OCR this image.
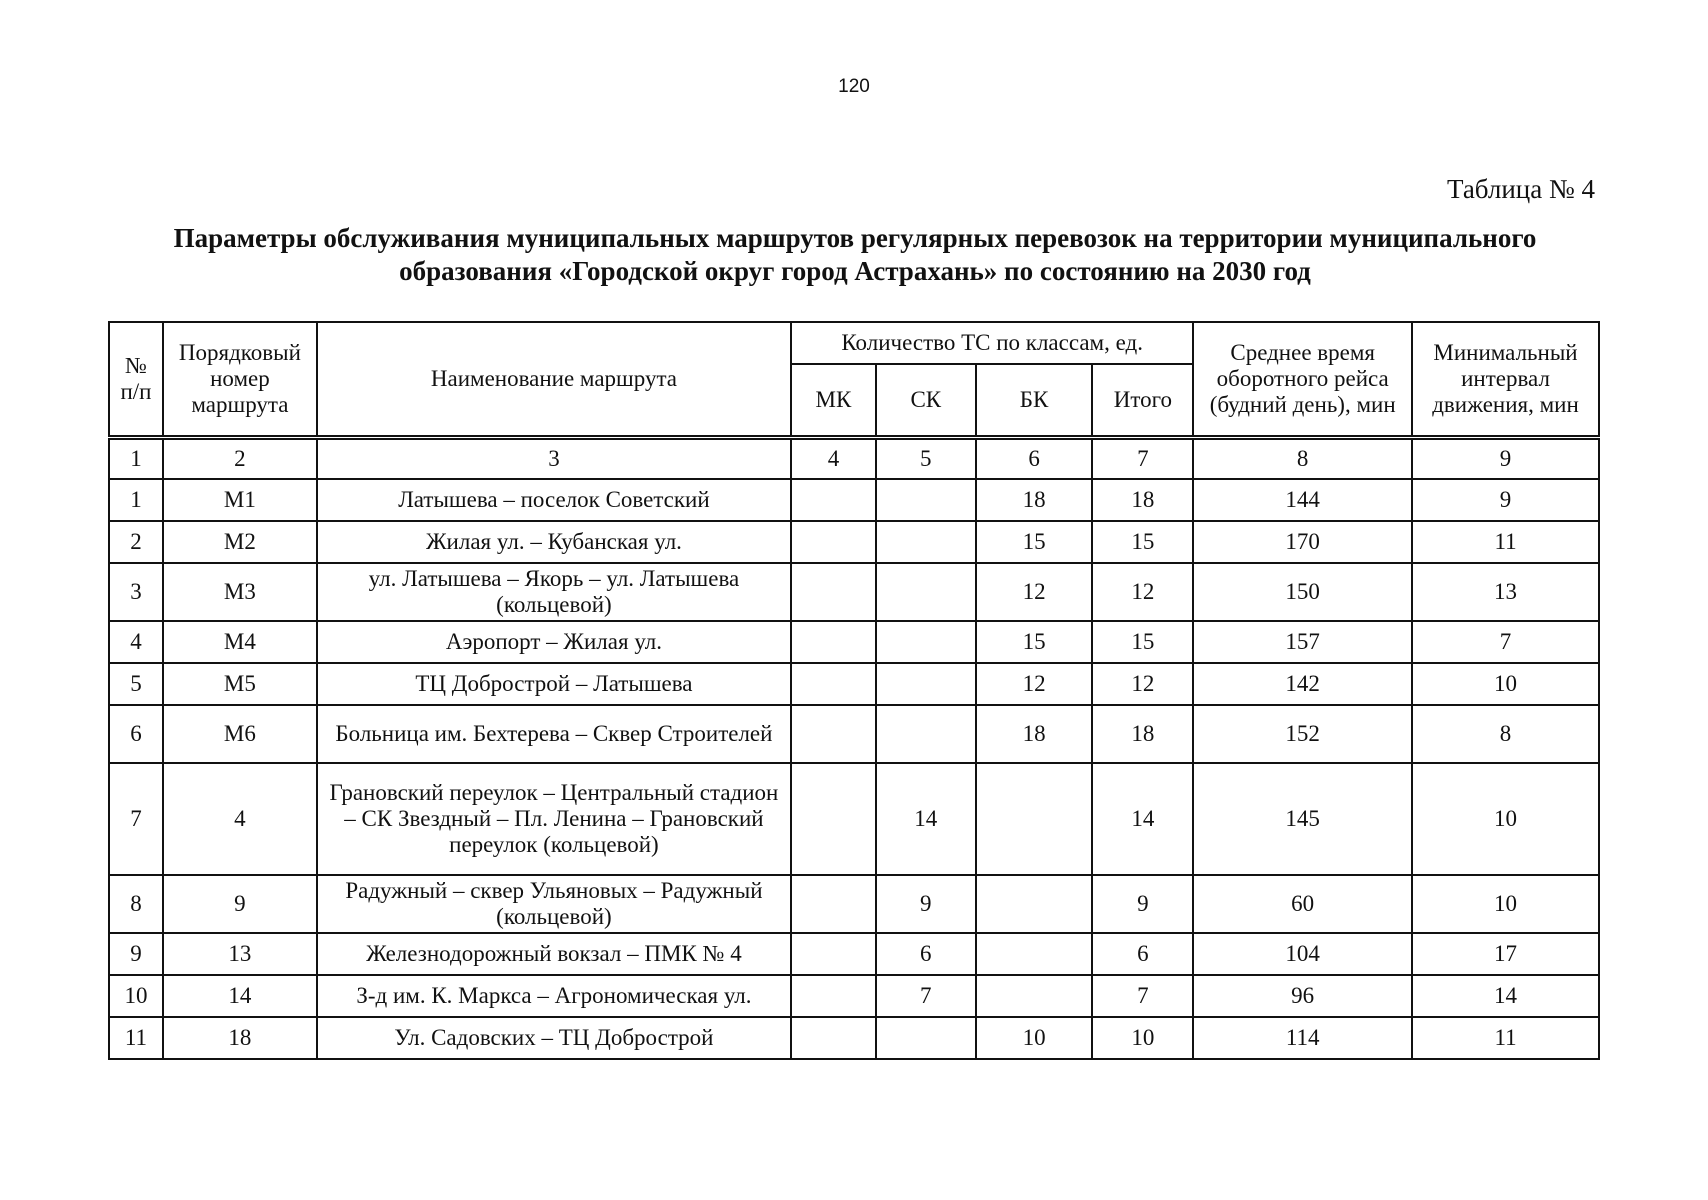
120
Таблица № 4
Параметры обслуживания муниципальных маршрутов регулярных перевозок на территории муниципального образования «Городской округ город Астрахань» по состоянию на 2030 год
№ п/п	Порядковый номер маршрута	Наименование маршрута	Количество ТС по классам, ед.				Среднее время оборотного рейса (будний день), мин	Минимальный интервал движения, мин
			МК	СК	БК	Итого		
1	2	3	4	5	6	7	8	9
1	М1	Латышева – поселок Советский			18	18	144	9
2	М2	Жилая ул. – Кубанская ул.			15	15	170	11
3	М3	ул. Латышева – Якорь – ул. Латышева (кольцевой)			12	12	150	13
4	М4	Аэропорт – Жилая ул.			15	15	157	7
5	М5	ТЦ Добрострой – Латышева			12	12	142	10
6	М6	Больница им. Бехтерева – Сквер Строителей			18	18	152	8
7	4	Грановский переулок – Центральный стадион – СК Звездный – Пл. Ленина – Грановский переулок (кольцевой)		14		14	145	10
8	9	Радужный – сквер Ульяновых – Радужный (кольцевой)		9		9	60	10
9	13	Железнодорожный вокзал – ПМК № 4		6		6	104	17
10	14	З-д им. К. Маркса – Агрономическая ул.		7		7	96	14
11	18	Ул. Садовских – ТЦ Добрострой			10	10	114	11
